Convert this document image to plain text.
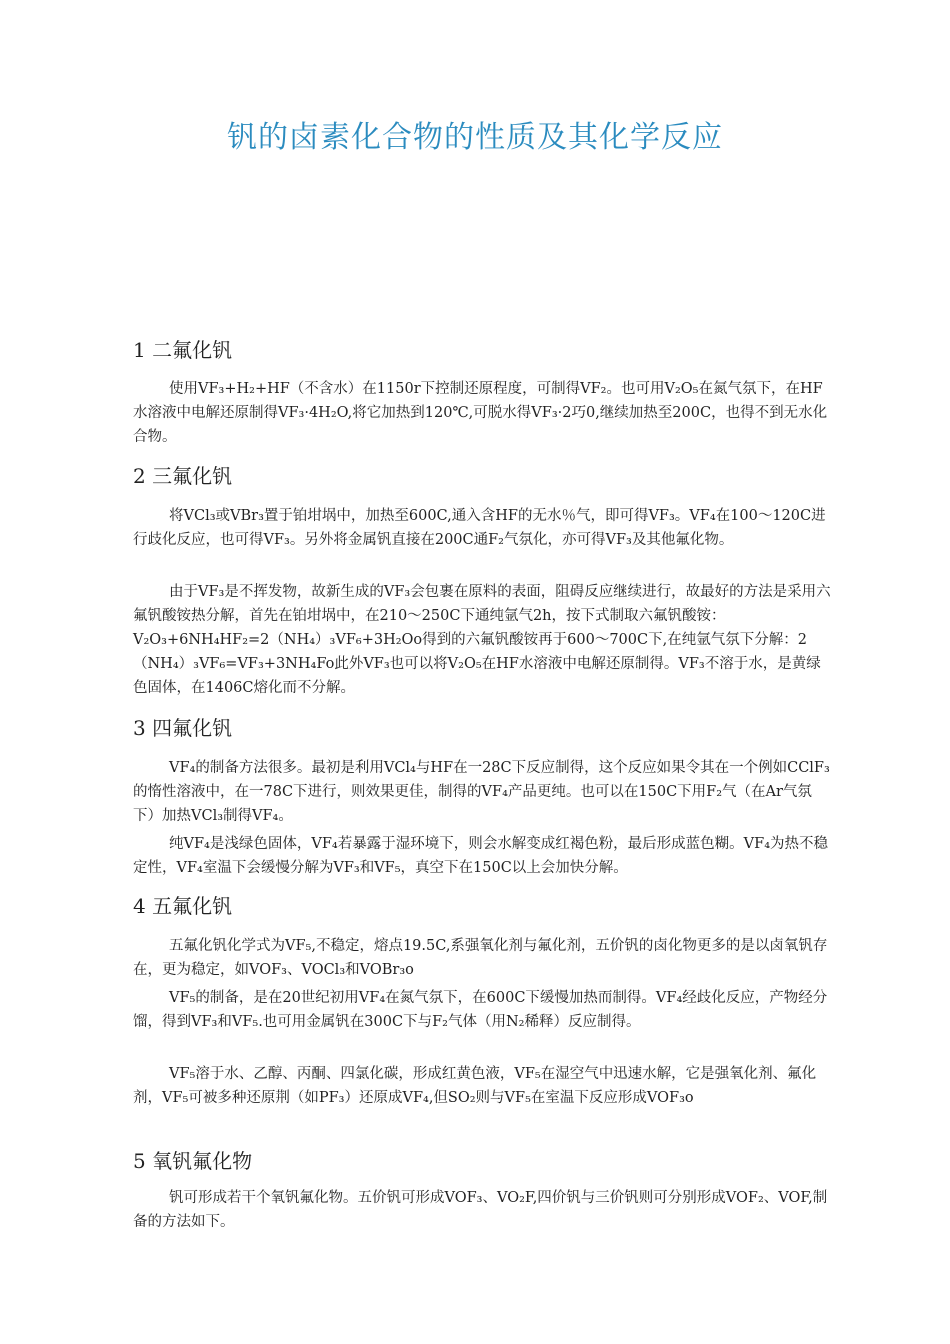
钒的卤素化合物的性质及其化学反应
1 二氟化钒
使用VF₃+H₂+HF（不含水）在1150r下控制还原程度，可制得VF₂。也可用V₂O₅在氮气氛下，在HF水溶液中电解还原制得VF₃·4H₂O,将它加热到120℃,可脱水得VF₃·2巧0,继续加热至200C，也得不到无水化合物。
2 三氟化钒
将VCl₃或VBr₃置于铂坩埚中，加热至600C,通入含HF的无水％气，即可得VF₃。VF₄在100〜120C进行歧化反应，也可得VF₃。另外将金属钒直接在200C通F₂气氛化，亦可得VF₃及其他氟化物。
由于VF₃是不挥发物，故新生成的VF₃会包裹在原料的表面，阻碍反应继续进行，故最好的方法是采用六氟钒酸铵热分解，首先在铂坩埚中，在210〜250C下通纯氩气2h，按下式制取六氟钒酸铵：V₂O₃+6NH₄HF₂=2（NH₄）₃VF₆+3H₂Oo得到的六氟钒酸铵再于600〜700C下,在纯氩气氛下分解：2（NH₄）₃VF₆=VF₃+3NH₄Fo此外VF₃也可以将V₂O₅在HF水溶液中电解还原制得。VF₃不溶于水，是黄绿色固体，在1406C熔化而不分解。
3 四氟化钒
VF₄的制备方法很多。最初是利用VCl₄与HF在一28C下反应制得，这个反应如果令其在一个例如CClF₃的惰性溶液中，在一78C下进行，则效果更佳，制得的VF₄产品更纯。也可以在150C下用F₂气（在Ar气氛下）加热VCl₃制得VF₄。
纯VF₄是浅绿色固体，VF₄若暴露于湿环境下，则会水解变成红褐色粉，最后形成蓝色糊。VF₄为热不稳定性，VF₄室温下会缓慢分解为VF₃和VF₅，真空下在150C以上会加快分解。
4 五氟化钒
五氟化钒化学式为VF₅,不稳定，熔点19.5C,系强氧化剂与氟化剂，五价钒的卤化物更多的是以卤氧钒存在，更为稳定，如VOF₃、VOCl₃和VOBr₃o
VF₅的制备，是在20世纪初用VF₄在氮气氛下，在600C下缓慢加热而制得。VF₄经歧化反应，产物经分馏，得到VF₃和VF₅.也可用金属钒在300C下与F₂气体（用N₂稀释）反应制得。
VF₅溶于水、乙醇、丙酮、四氯化碳，形成红黄色液，VF₅在湿空气中迅速水解，它是强氧化剂、氟化剂，VF₅可被多种还原荆（如PF₃）还原成VF₄,但SO₂则与VF₅在室温下反应形成VOF₃o
5 氧钒氟化物
钒可形成若干个氧钒氟化物。五价钒可形成VOF₃、VO₂F,四价钒与三价钒则可分别形成VOF₂、VOF,制备的方法如下。
